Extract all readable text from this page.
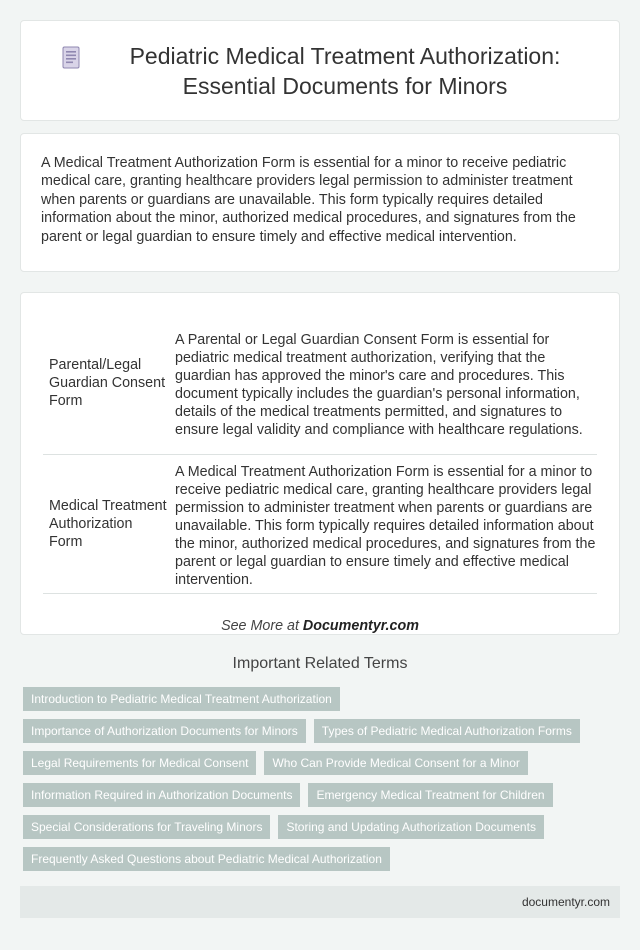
Pediatric Medical Treatment Authorization: Essential Documents for Minors

A Medical Treatment Authorization Form is essential for a minor to receive pediatric medical care, granting healthcare providers legal permission to administer treatment when parents or guardians are unavailable. This form typically requires detailed information about the minor, authorized medical procedures, and signatures from the parent or legal guardian to ensure timely and effective medical intervention.

Parental/Legal Guardian Consent Form	A Parental or Legal Guardian Consent Form is essential for pediatric medical treatment authorization, verifying that the guardian has approved the minor's care and procedures. This document typically includes the guardian's personal information, details of the medical treatments permitted, and signatures to ensure legal validity and compliance with healthcare regulations.
Medical Treatment Authorization Form	A Medical Treatment Authorization Form is essential for a minor to receive pediatric medical care, granting healthcare providers legal permission to administer treatment when parents or guardians are unavailable. This form typically requires detailed information about the minor, authorized medical procedures, and signatures from the parent or legal guardian to ensure timely and effective medical intervention.
See More at Documentyr.com
Important Related Terms
Introduction to Pediatric Medical Treatment Authorization
Importance of Authorization Documents for Minors	Types of Pediatric Medical Authorization Forms
Legal Requirements for Medical Consent	Who Can Provide Medical Consent for a Minor
Information Required in Authorization Documents	Emergency Medical Treatment for Children
Special Considerations for Traveling Minors	Storing and Updating Authorization Documents
Frequently Asked Questions about Pediatric Medical Authorization
documentyr.com
